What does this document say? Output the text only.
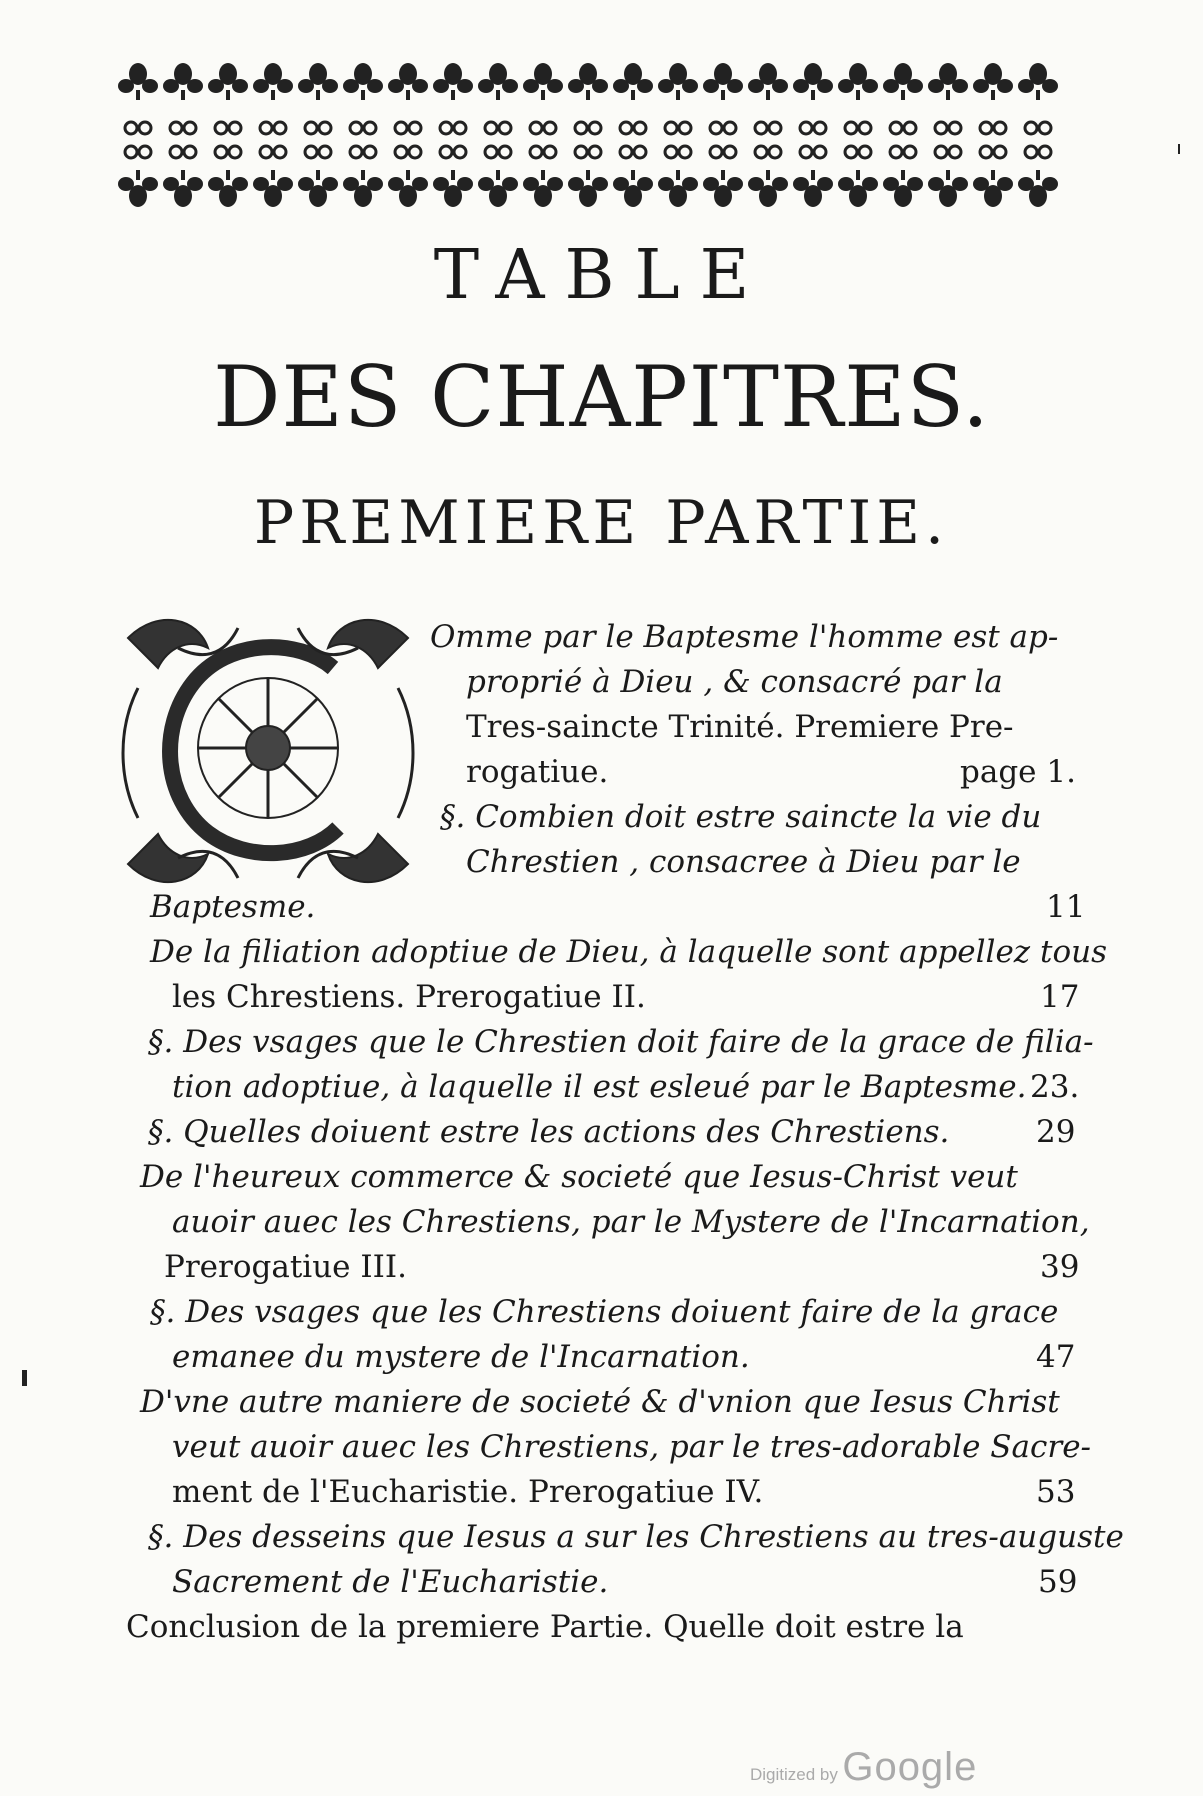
TABLE
DES CHAPITRES.
PREMIERE PARTIE.
Omme par le Baptesme l'homme est ap-
proprié à Dieu , & consacré par la
Tres-saincte Trinité. Premiere Pre-
rogatiue.	page 1.
§. Combien doit estre saincte la vie du
Chrestien , consacree à Dieu par le
Baptesme.	11
De la filiation adoptiue de Dieu, à laquelle sont appellez tous
les Chrestiens. Prerogatiue II.	17
§. Des vsages que le Chrestien doit faire de la grace de filia-
tion adoptiue, à laquelle il est esleué par le Baptesme. 23.
§. Quelles doiuent estre les actions des Chrestiens.	29
De l'heureux commerce & societé que Iesus-Christ veut
auoir auec les Chrestiens, par le Mystere de l'Incarnation,
Prerogatiue III.	39
§. Des vsages que les Chrestiens doiuent faire de la grace
emanee du mystere de l'Incarnation.	47
D'vne autre maniere de societé & d'vnion que Iesus Christ
veut auoir auec les Chrestiens, par le tres-adorable Sacre-
ment de l'Eucharistie. Prerogatiue IV.	53
§. Des desseins que Iesus a sur les Chrestiens au tres-auguste
Sacrement de l'Eucharistie.	59
Conclusion de la premiere Partie. Quelle doit estre la
Digitized by Google
